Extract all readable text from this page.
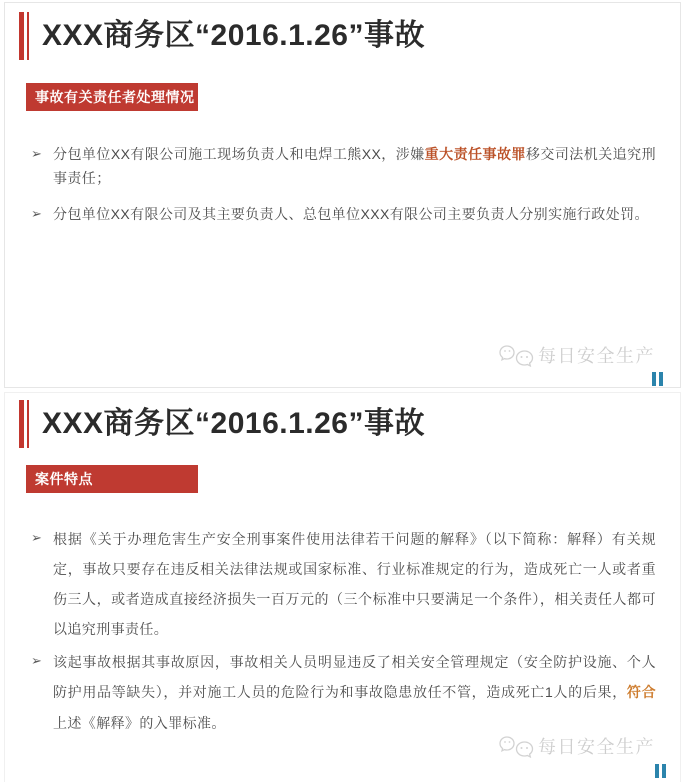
XXX商务区“2016.1.26”事故
事故有关责任者处理情况
➢ 分包单位XX有限公司施工现场负责人和电焊工熊XX，涉嫌重大责任事故罪移交司法机关追究刑事责任；
➢ 分包单位XX有限公司及其主要负责人、总包单位XXX有限公司主要负责人分别实施行政处罚。
每日安全生产
XXX商务区“2016.1.26”事故
案件特点
➢ 根据《关于办理危害生产安全刑事案件使用法律若干问题的解释》（以下简称：解释）有关规定，事故只要存在违反相关法律法规或国家标准、行业标准规定的行为，造成死亡一人或者重伤三人，或者造成直接经济损失一百万元的（三个标准中只要满足一个条件），相关责任人都可以追究刑事责任。
➢ 该起事故根据其事故原因，事故相关人员明显违反了相关安全管理规定（安全防护设施、个人防护用品等缺失），并对施工人员的危险行为和事故隐患放任不管，造成死亡1人的后果，符合上述《解释》的入罪标准。
每日安全生产
